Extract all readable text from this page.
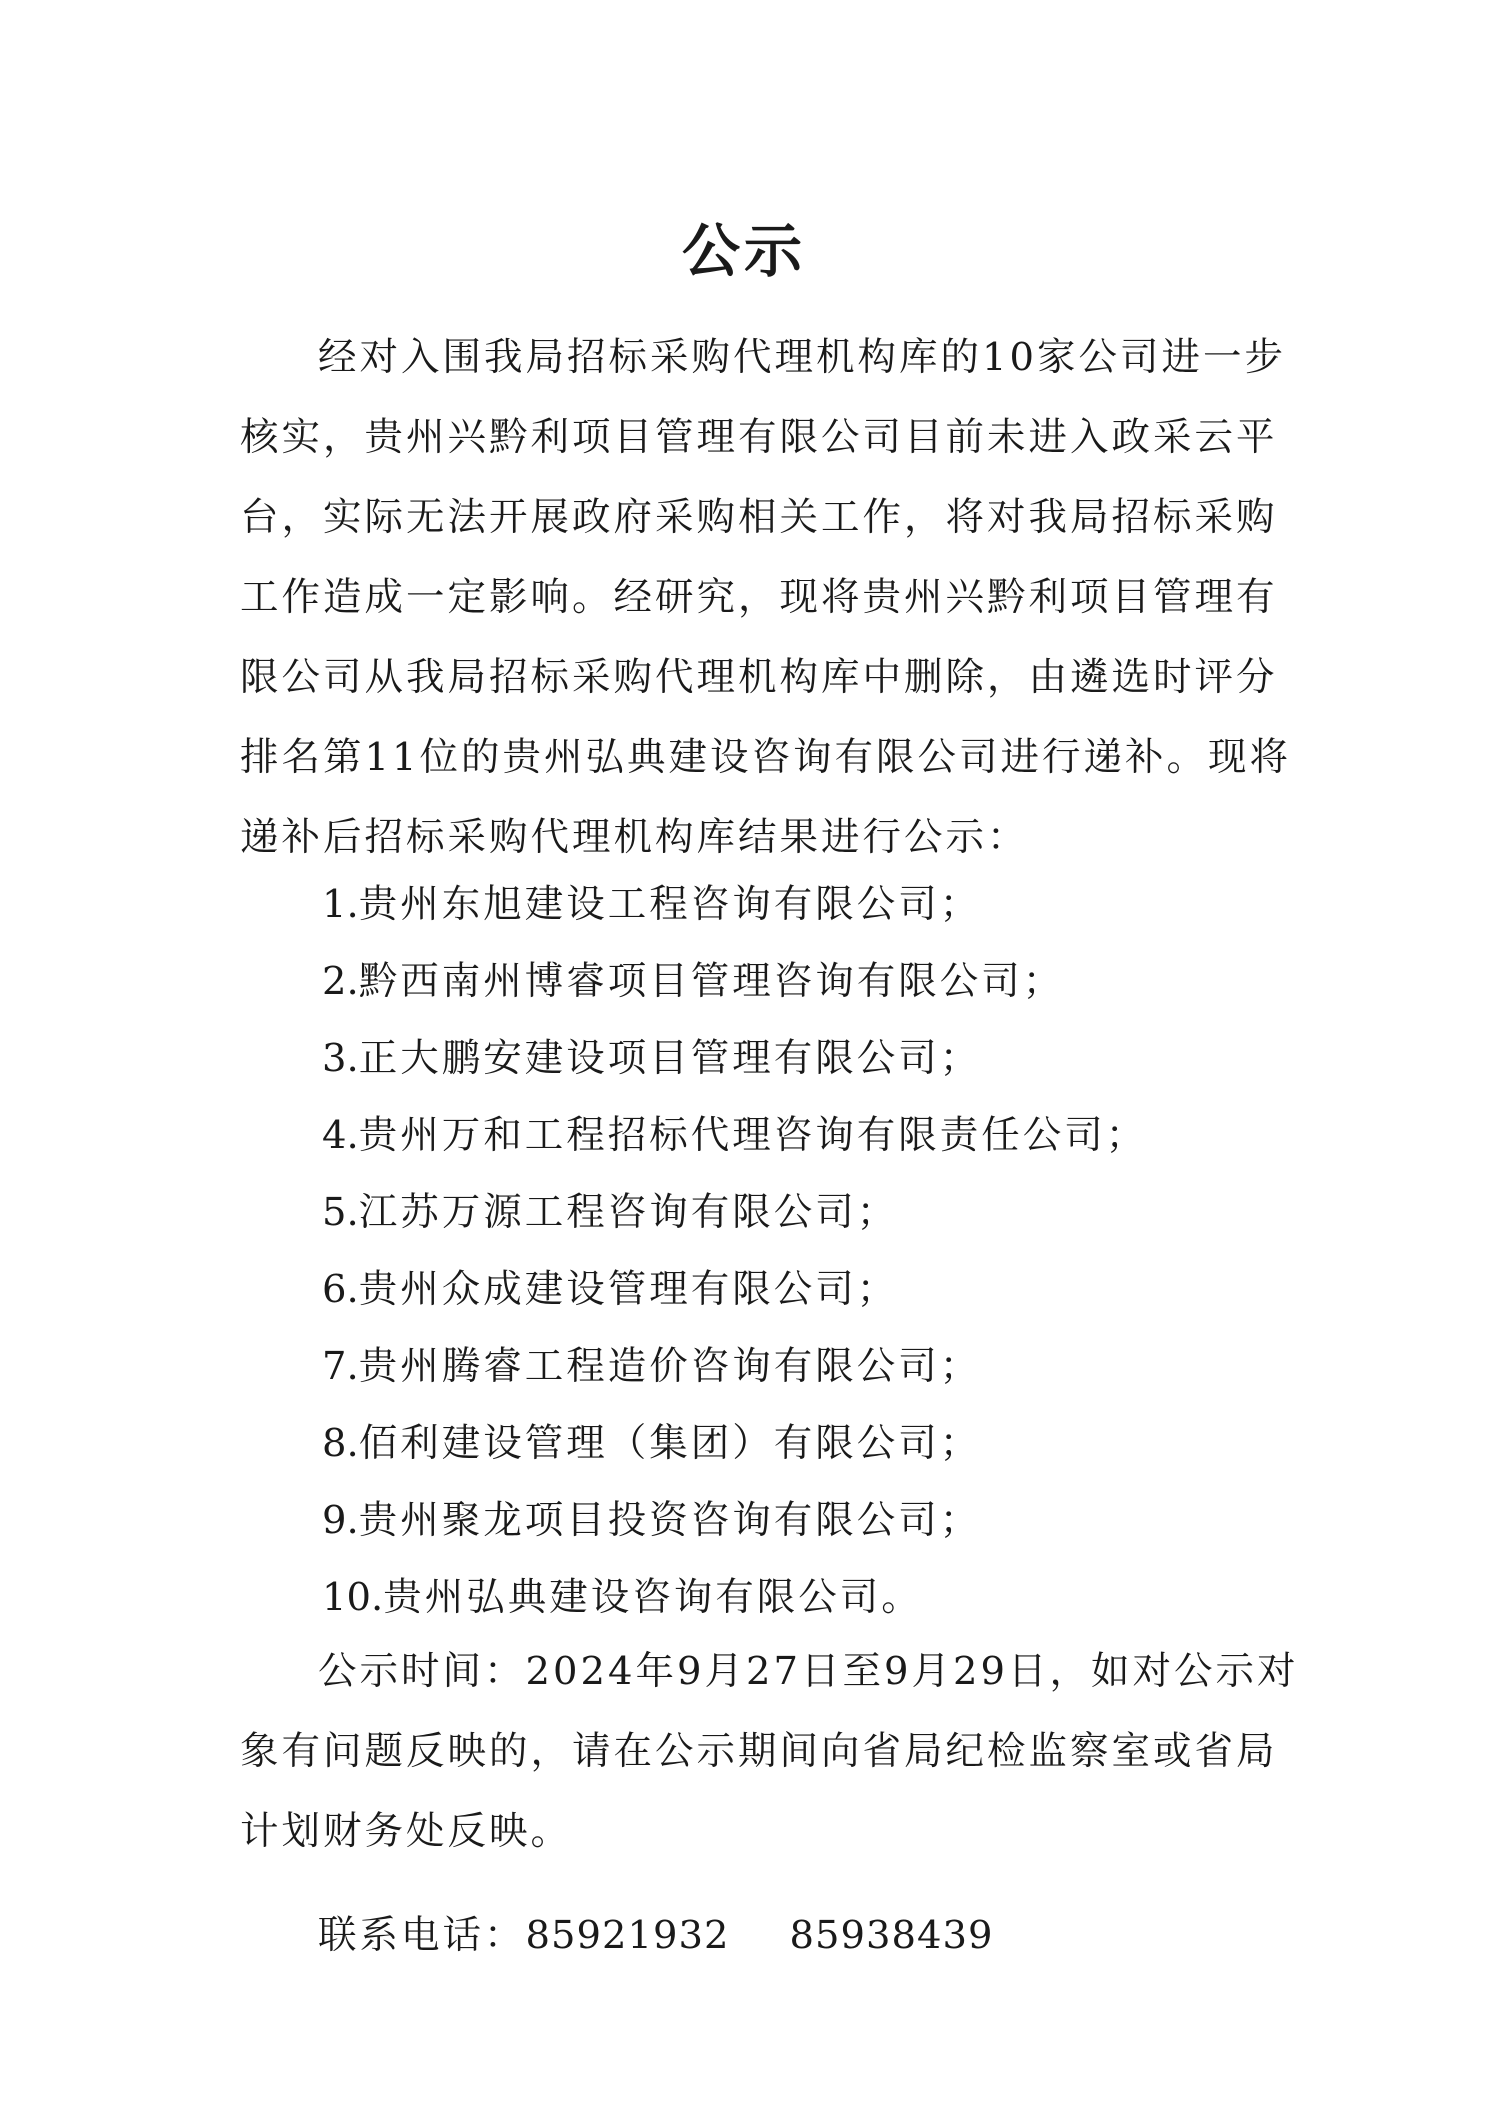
公示

经对入围我局招标采购代理机构库的10家公司进一步核实，贵州兴黔利项目管理有限公司目前未进入政采云平台，实际无法开展政府采购相关工作，将对我局招标采购工作造成一定影响。经研究，现将贵州兴黔利项目管理有限公司从我局招标采购代理机构库中删除，由遴选时评分排名第11位的贵州弘典建设咨询有限公司进行递补。现将递补后招标采购代理机构库结果进行公示：

1.贵州东旭建设工程咨询有限公司；
2.黔西南州博睿项目管理咨询有限公司；
3.正大鹏安建设项目管理有限公司；
4.贵州万和工程招标代理咨询有限责任公司；
5.江苏万源工程咨询有限公司；
6.贵州众成建设管理有限公司；
7.贵州腾睿工程造价咨询有限公司；
8.佰利建设管理（集团）有限公司；
9.贵州聚龙项目投资咨询有限公司；
10.贵州弘典建设咨询有限公司。

公示时间：2024年9月27日至9月29日，如对公示对象有问题反映的，请在公示期间向省局纪检监察室或省局计划财务处反映。

联系电话：85921932 85938439
